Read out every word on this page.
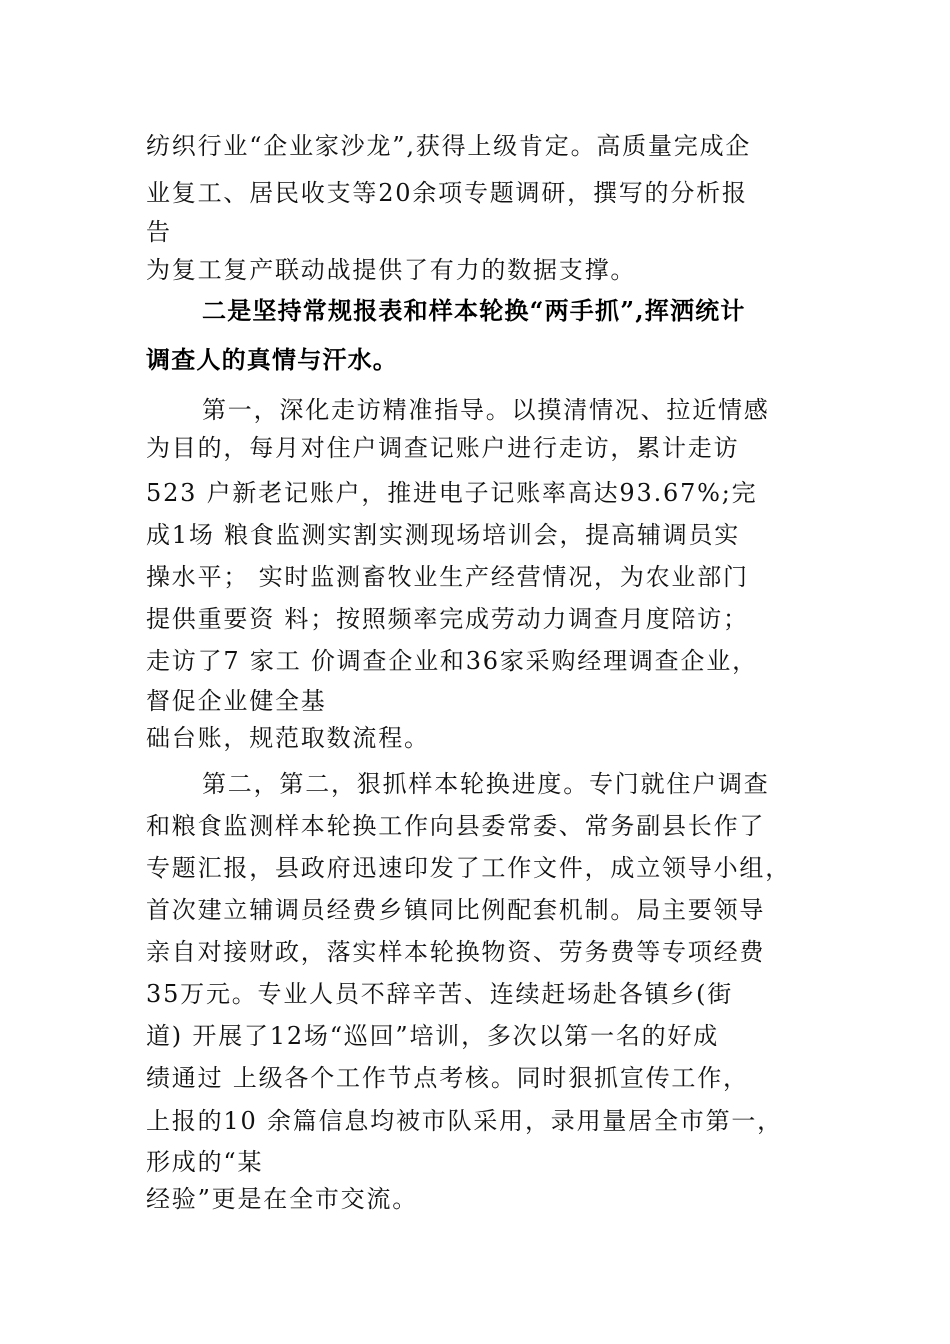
纺织行业“企业家沙龙”,获得上级肯定。高质量完成企
业复工、居民收支等20余项专题调研，撰写的分析报
告
为复工复产联动战提供了有力的数据支撑。
二是坚持常规报表和样本轮换“两手抓”,挥洒统计
调查人的真情与汗水。
第一，深化走访精准指导。以摸清情况、拉近情感
为目的，每月对住户调查记账户进行走访，累计走访
523 户新老记账户，推进电子记账率高达93.67%;完
成1场 粮食监测实割实测现场培训会，提高辅调员实
操水平； 实时监测畜牧业生产经营情况，为农业部门
提供重要资 料；按照频率完成劳动力调查月度陪访；
走访了7 家工 价调查企业和36家采购经理调查企业，
督促企业健全基
础台账，规范取数流程。
第二，第二，狠抓样本轮换进度。专门就住户调查
和粮食监测样本轮换工作向县委常委、常务副县长作了
专题汇报，县政府迅速印发了工作文件，成立领导小组，
首次建立辅调员经费乡镇同比例配套机制。局主要领导
亲自对接财政，落实样本轮换物资、劳务费等专项经费
35万元。专业人员不辞辛苦、连续赶场赴各镇乡(街
道) 开展了12场“巡回”培训，多次以第一名的好成
绩通过 上级各个工作节点考核。同时狠抓宣传工作，
上报的10 余篇信息均被市队采用，录用量居全市第一，
形成的“某
经验”更是在全市交流。
